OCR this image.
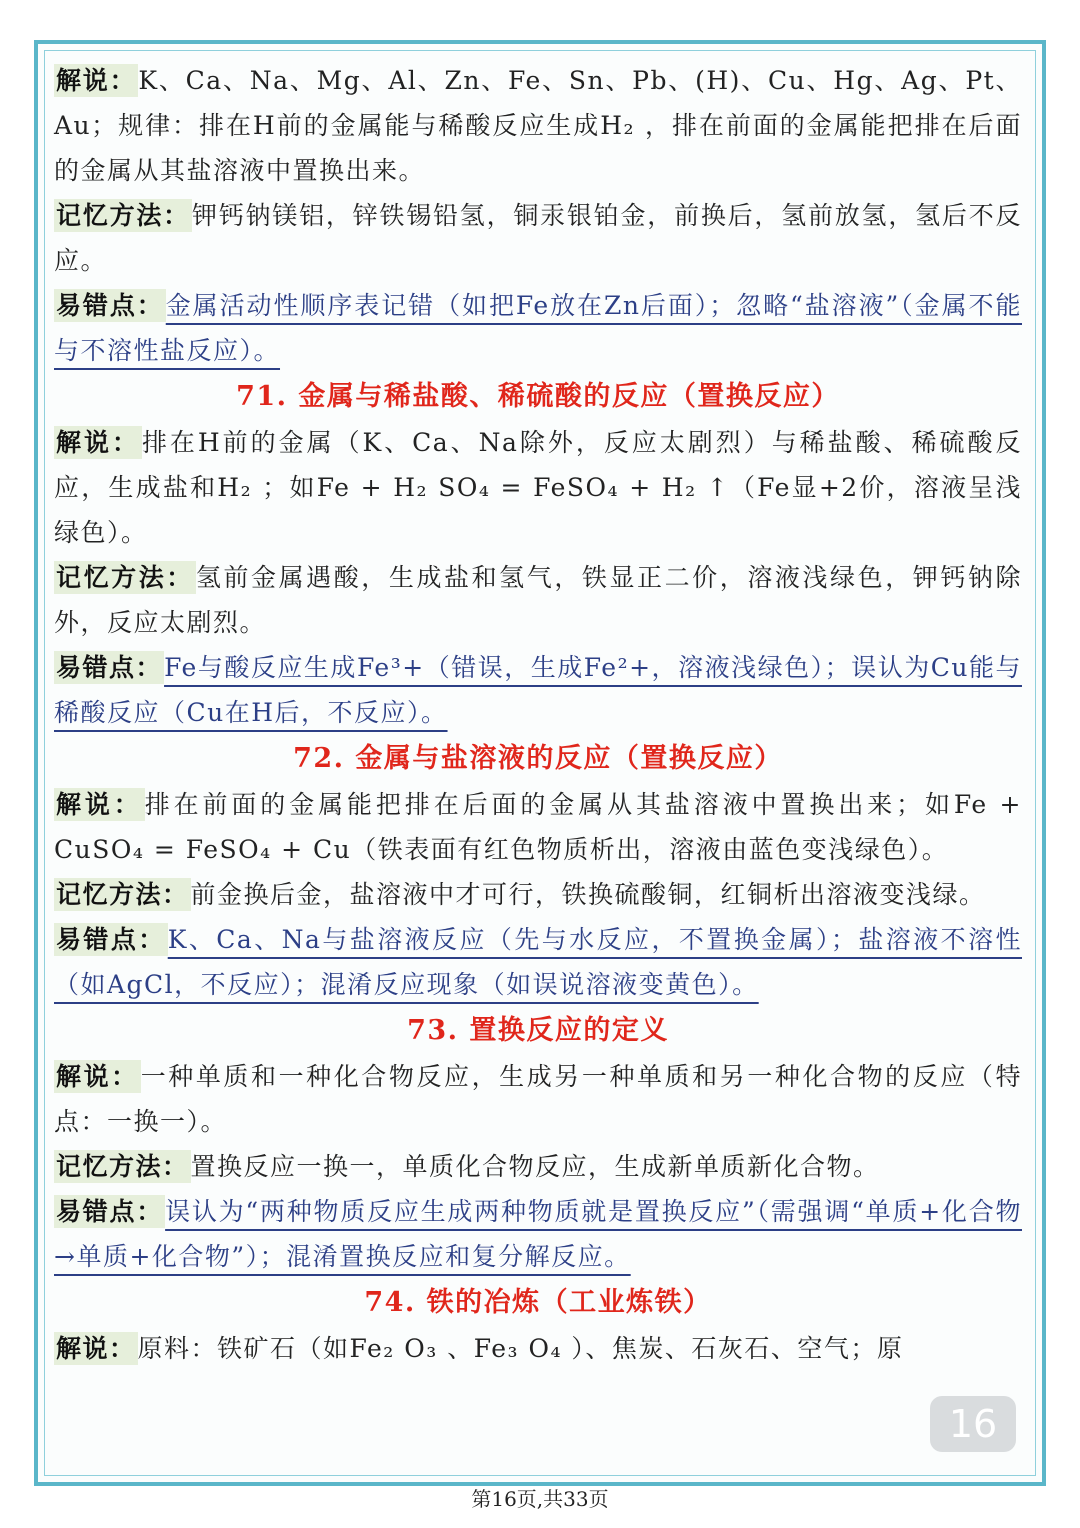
解说：K、Ca、Na、Mg、Al、Zn、Fe、Sn、Pb、(H)、Cu、Hg、Ag、Pt、Au；规律：排在H前的金属能与稀酸反应生成H₂ ，排在前面的金属能把排在后面的金属从其盐溶液中置换出来。

记忆方法：钾钙钠镁铝，锌铁锡铅氢，铜汞银铂金，前换后，氢前放氢，氢后不反应。

易错点：金属活动性顺序表记错（如把Fe放在Zn后面）；忽略“盐溶液”（金属不能与不溶性盐反应）。

71. 金属与稀盐酸、稀硫酸的反应（置换反应）

解说：排在H前的金属（K、Ca、Na除外，反应太剧烈）与稀盐酸、稀硫酸反应，生成盐和H₂ ；如Fe + H₂ SO₄ = FeSO₄ + H₂ ↑（Fe显+2价，溶液呈浅绿色）。

记忆方法：氢前金属遇酸，生成盐和氢气，铁显正二价，溶液浅绿色，钾钙钠除外，反应太剧烈。

易错点：Fe与酸反应生成Fe³+（错误，生成Fe²+，溶液浅绿色）；误认为Cu能与稀酸反应（Cu在H后，不反应）。

72. 金属与盐溶液的反应（置换反应）

解说：排在前面的金属能把排在后面的金属从其盐溶液中置换出来；如Fe + CuSO₄ = FeSO₄ + Cu（铁表面有红色物质析出，溶液由蓝色变浅绿色）。

记忆方法：前金换后金，盐溶液中才可行，铁换硫酸铜，红铜析出溶液变浅绿。

易错点：K、Ca、Na与盐溶液反应（先与水反应，不置换金属）；盐溶液不溶性（如AgCl，不反应）；混淆反应现象（如误说溶液变黄色）。

73. 置换反应的定义

解说：一种单质和一种化合物反应，生成另一种单质和另一种化合物的反应（特点：一换一）。

记忆方法：置换反应一换一，单质化合物反应，生成新单质新化合物。

易错点：误认为“两种物质反应生成两种物质就是置换反应”（需强调“单质+化合物→单质+化合物”）；混淆置换反应和复分解反应。

74. 铁的冶炼（工业炼铁）

解说：原料：铁矿石（如Fe₂ O₃ 、Fe₃ O₄ ）、焦炭、石灰石、空气；原

16
第16页,共33页
